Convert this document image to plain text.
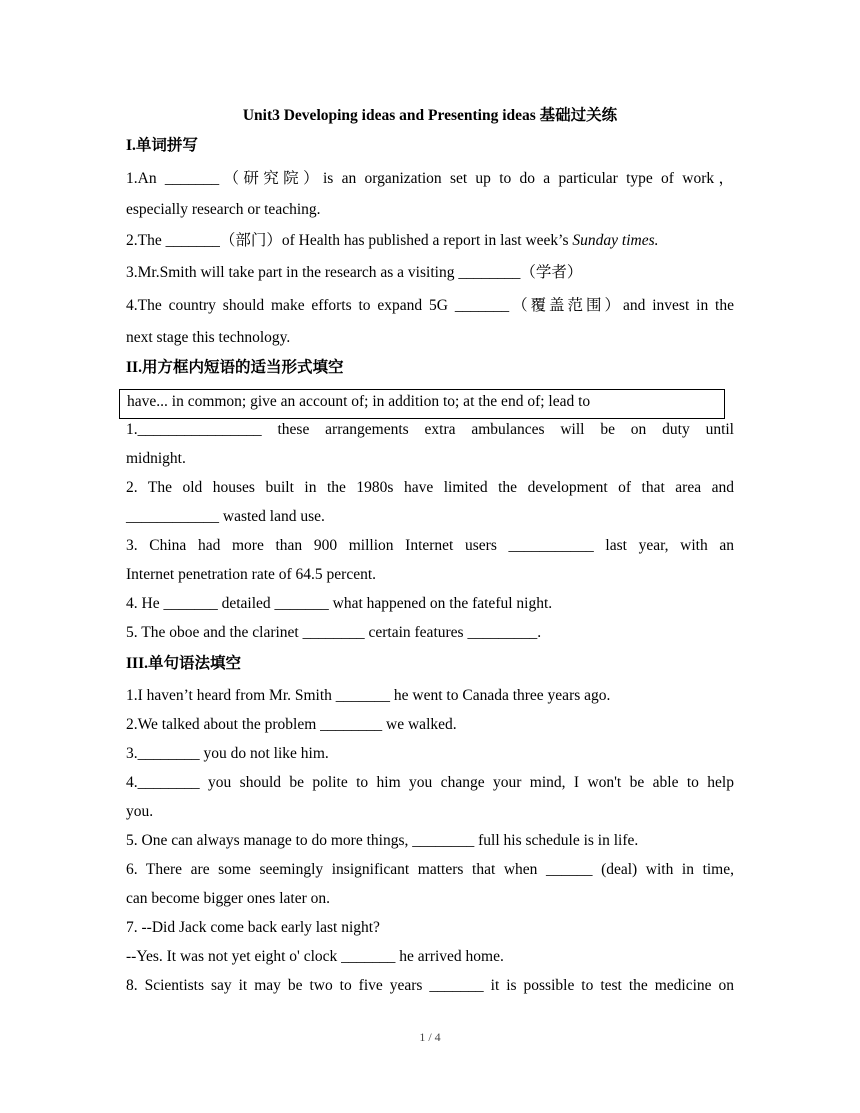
Unit3 Developing ideas and Presenting ideas 基础过关练
I.单词拼写
1.An _______（研究院）is an organization set up to do a particular type of work，
especially research or teaching.
2.The _______（部门）of Health has published a report in last week’s Sunday times.
3.Mr.Smith will take part in the research as a visiting ________（学者）
4.The country should make efforts to expand 5G _______（覆盖范围）and invest in the
next stage this technology.
II.用方框内短语的适当形式填空
have... in common; give an account of; in addition to; at the end of; lead to
1.________________ these arrangements extra ambulances will be on duty until
midnight.
2. The old houses built in the 1980s have limited the development of that area and
____________ wasted land use.
3. China had more than 900 million Internet users ___________ last year, with an
Internet penetration rate of 64.5 percent.
4. He _______ detailed _______ what happened on the fateful night.
5. The oboe and the clarinet ________ certain features _________.
III.单句语法填空
1.I haven’t heard from Mr. Smith _______ he went to Canada three years ago.
2.We talked about the problem ________ we walked.
3.________ you do not like him.
4.________ you should be polite to him you change your mind, I won't be able to help
you.
5. One can always manage to do more things, ________ full his schedule is in life.
6. There are some seemingly insignificant matters that when ______ (deal) with in time,
can become bigger ones later on.
7. --Did Jack come back early last night?
--Yes. It was not yet eight o' clock _______ he arrived home.
8. Scientists say it may be two to five years _______ it is possible to test the medicine on
1 / 4
